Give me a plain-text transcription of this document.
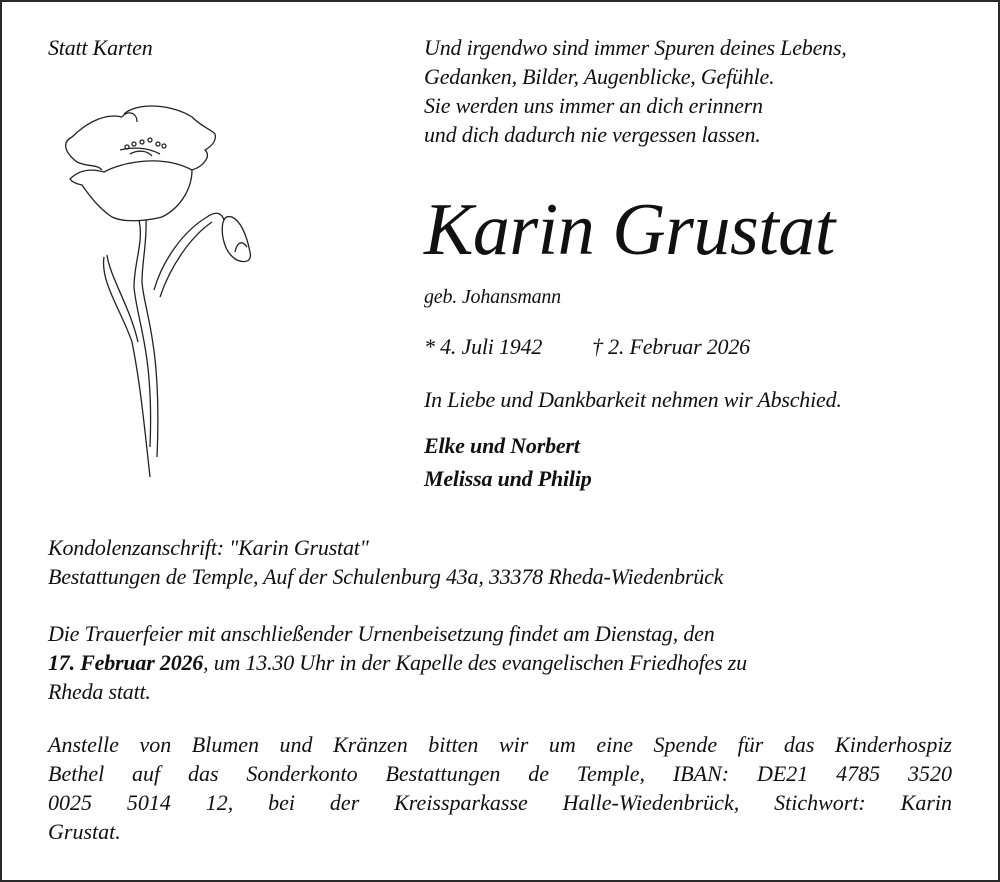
Statt Karten	Und irgendwo sind immer Spuren deines Lebens,
Gedanken, Bilder, Augenblicke, Gefühle.
Sie werden uns immer an dich erinnern
und dich dadurch nie vergessen lassen.
Karin Grustat
geb. Johansmann
* 4. Juli 1942 † 2. Februar 2026
In Liebe und Dankbarkeit nehmen wir Abschied.
Elke und Norbert
Melissa und Philip
Kondolenzanschrift: "Karin Grustat"
Bestattungen de Temple, Auf der Schulenburg 43a, 33378 Rheda-Wiedenbrück
Die Trauerfeier mit anschließender Urnenbeisetzung findet am Dienstag, den
17. Februar 2026, um 13.30 Uhr in der Kapelle des evangelischen Friedhofes zu
Rheda statt.
Anstelle von Blumen und Kränzen bitten wir um eine Spende für das Kinderhospiz
Bethel auf das Sonderkonto Bestattungen de Temple, IBAN: DE21 4785 3520
0025 5014 12, bei der Kreissparkasse Halle-Wiedenbrück, Stichwort: Karin
Grustat.
